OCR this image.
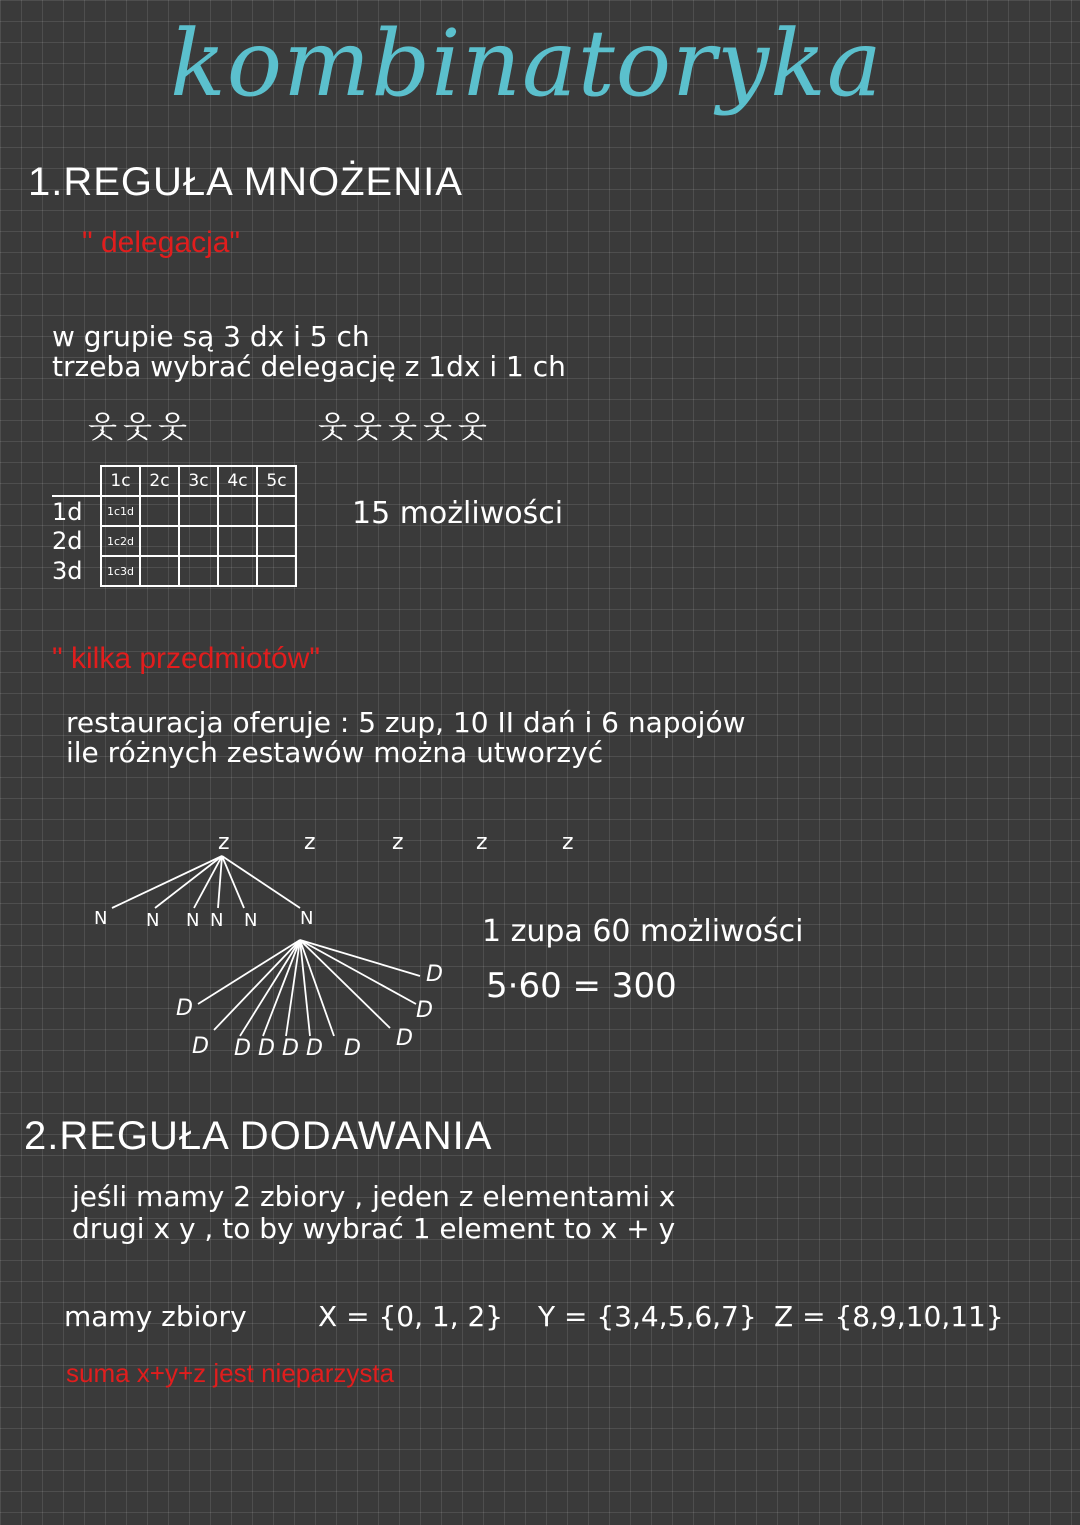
kombinatoryka
1.REGUŁA MNOŻENIA
" delegacja"
w grupie są 3 dx i 5 ch
trzeba wybrać delegację z 1dx i 1 ch
웃웃웃	웃웃웃웃웃
	1c	2c	3c	4c	5c
1d	1c1d				
2d	1c2d				
3d	1c3d				
15 możliwości
" kilka przedmiotów"
restauracja oferuje : 5 zup, 10 II dań i 6 napojów
ile różnych zestawów można utworzyć
z	z	z	z	z
N N N N N N
D
D D D D D D D
D
D
1 zupa 60 możliwości
5·60 = 300
2.REGUŁA DODAWANIA
jeśli mamy 2 zbiory , jeden z elementami x
drugi x y , to by wybrać 1 element to x + y
mamy zbiory	X = {0, 1, 2} Y = {3,4,5,6,7} Z = {8,9,10,11}
suma x+y+z jest nieparzysta
